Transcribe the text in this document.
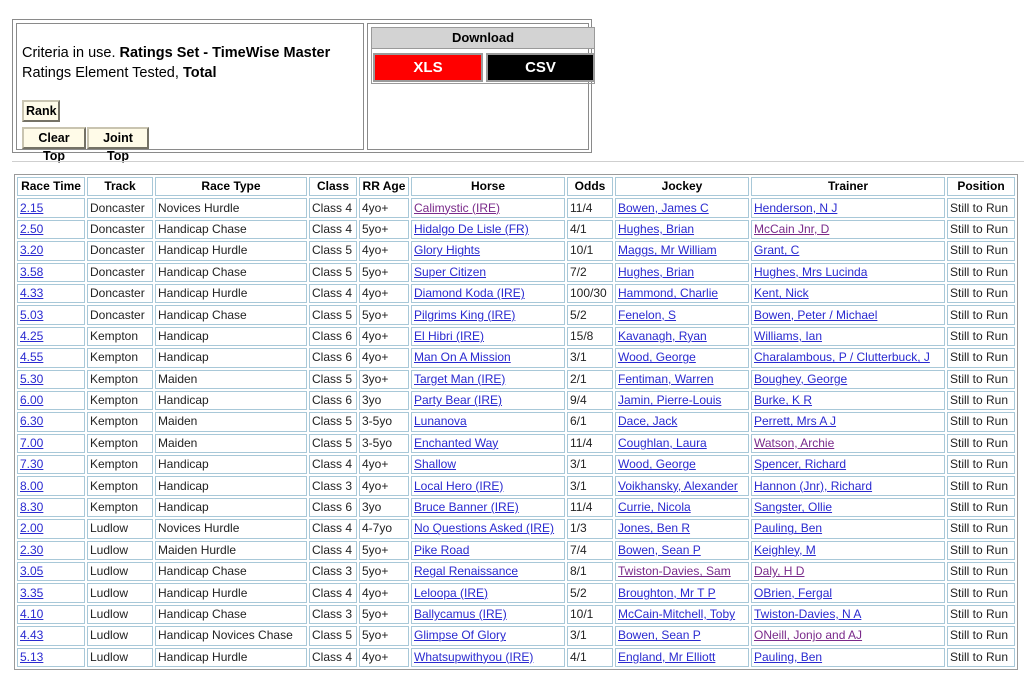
Criteria in use. Ratings Set - TimeWise Master
Ratings Element Tested, Total
Rank
Clear Top
Joint Top
Download
XLS	CSV
Race Time	Track	Race Type	Class	RR Age	Horse	Odds	Jockey	Trainer	Position
2.15	Doncaster	Novices Hurdle	Class 4	4yo+	Calimystic (IRE)	11/4	Bowen, James C	Henderson, N J	Still to Run
2.50	Doncaster	Handicap Chase	Class 4	5yo+	Hidalgo De Lisle (FR)	4/1	Hughes, Brian	McCain Jnr, D	Still to Run
3.20	Doncaster	Handicap Hurdle	Class 5	4yo+	Glory Hights	10/1	Maggs, Mr William	Grant, C	Still to Run
3.58	Doncaster	Handicap Chase	Class 5	5yo+	Super Citizen	7/2	Hughes, Brian	Hughes, Mrs Lucinda	Still to Run
4.33	Doncaster	Handicap Hurdle	Class 4	4yo+	Diamond Koda (IRE)	100/30	Hammond, Charlie	Kent, Nick	Still to Run
5.03	Doncaster	Handicap Chase	Class 5	5yo+	Pilgrims King (IRE)	5/2	Fenelon, S	Bowen, Peter / Michael	Still to Run
4.25	Kempton	Handicap	Class 6	4yo+	El Hibri (IRE)	15/8	Kavanagh, Ryan	Williams, Ian	Still to Run
4.55	Kempton	Handicap	Class 6	4yo+	Man On A Mission	3/1	Wood, George	Charalambous, P / Clutterbuck, J	Still to Run
5.30	Kempton	Maiden	Class 5	3yo+	Target Man (IRE)	2/1	Fentiman, Warren	Boughey, George	Still to Run
6.00	Kempton	Handicap	Class 6	3yo	Party Bear (IRE)	9/4	Jamin, Pierre-Louis	Burke, K R	Still to Run
6.30	Kempton	Maiden	Class 5	3-5yo	Lunanova	6/1	Dace, Jack	Perrett, Mrs A J	Still to Run
7.00	Kempton	Maiden	Class 5	3-5yo	Enchanted Way	11/4	Coughlan, Laura	Watson, Archie	Still to Run
7.30	Kempton	Handicap	Class 4	4yo+	Shallow	3/1	Wood, George	Spencer, Richard	Still to Run
8.00	Kempton	Handicap	Class 3	4yo+	Local Hero (IRE)	3/1	Voikhansky, Alexander	Hannon (Jnr), Richard	Still to Run
8.30	Kempton	Handicap	Class 6	3yo	Bruce Banner (IRE)	11/4	Currie, Nicola	Sangster, Ollie	Still to Run
2.00	Ludlow	Novices Hurdle	Class 4	4-7yo	No Questions Asked (IRE)	1/3	Jones, Ben R	Pauling, Ben	Still to Run
2.30	Ludlow	Maiden Hurdle	Class 4	5yo+	Pike Road	7/4	Bowen, Sean P	Keighley, M	Still to Run
3.05	Ludlow	Handicap Chase	Class 3	5yo+	Regal Renaissance	8/1	Twiston-Davies, Sam	Daly, H D	Still to Run
3.35	Ludlow	Handicap Hurdle	Class 4	4yo+	Leloopa (IRE)	5/2	Broughton, Mr T P	OBrien, Fergal	Still to Run
4.10	Ludlow	Handicap Chase	Class 3	5yo+	Ballycamus (IRE)	10/1	McCain-Mitchell, Toby	Twiston-Davies, N A	Still to Run
4.43	Ludlow	Handicap Novices Chase	Class 5	5yo+	Glimpse Of Glory	3/1	Bowen, Sean P	ONeill, Jonjo and AJ	Still to Run
5.13	Ludlow	Handicap Hurdle	Class 4	4yo+	Whatsupwithyou (IRE)	4/1	England, Mr Elliott	Pauling, Ben	Still to Run
